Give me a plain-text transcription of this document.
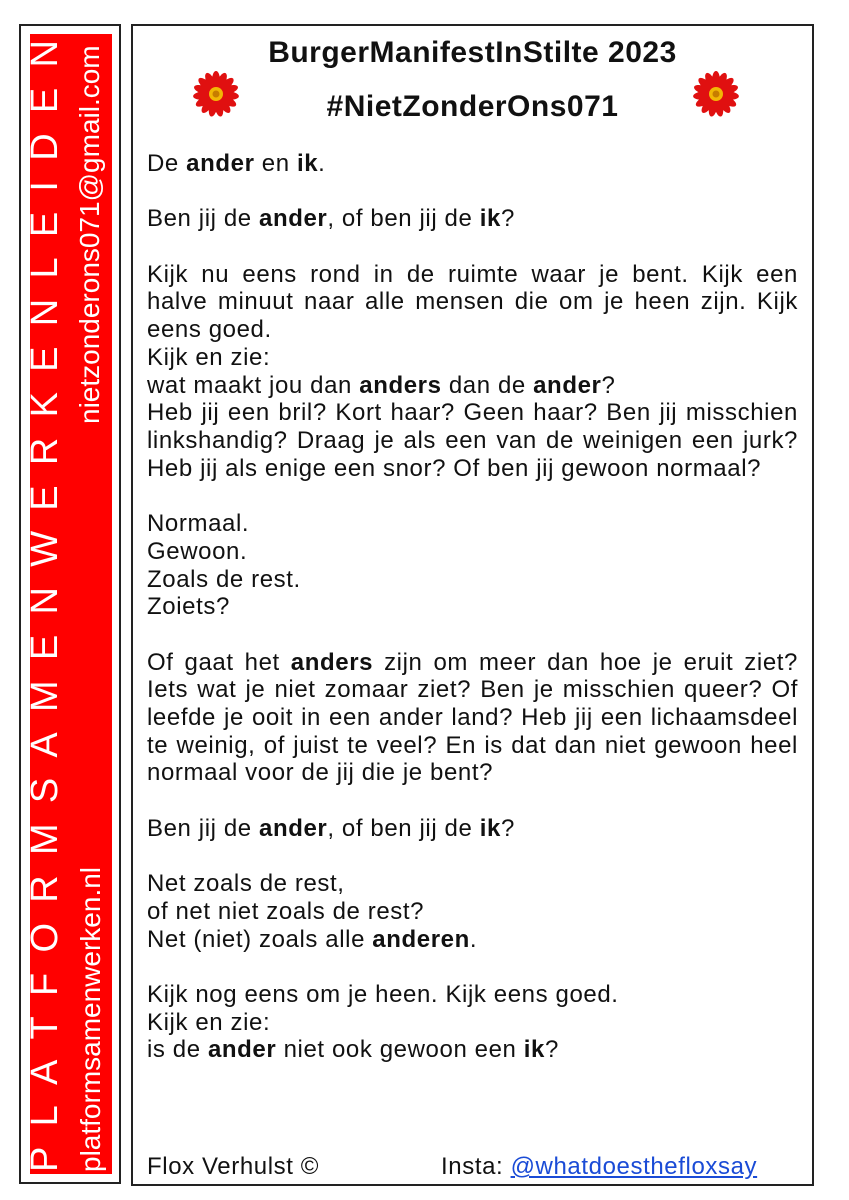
P
L
A
T
F
O
R
M
S
Á
M
E
N
W
E
R
K
E
N
L
E
I
D
E
N
platformsamenwerken.nl
nietzonderons071@gmail.com	BurgerManifestInStilte 2023
#NietZonderOns071

De ander en ik.

Ben jij de ander, of ben jij de ik?

Kijk nu eens rond in de ruimte waar je bent. Kijk een halve minuut naar alle mensen die om je heen zijn. Kijk eens goed.
Kijk en zie:
wat maakt jou dan anders dan de ander?
Heb jij een bril? Kort haar? Geen haar? Ben jij misschien linkshandig? Draag je als een van de weinigen een jurk? Heb jij als enige een snor? Of ben jij gewoon normaal?

Normaal.
Gewoon.
Zoals de rest.
Zoiets?

Of gaat het anders zijn om meer dan hoe je eruit ziet? Iets wat je niet zomaar ziet? Ben je misschien queer? Of leefde je ooit in een ander land? Heb jij een lichaamsdeel te weinig, of juist te veel? En is dat dan niet gewoon heel normaal voor de jij die je bent?

Ben jij de ander, of ben jij de ik?

Net zoals de rest,
of net niet zoals de rest?
Net (niet) zoals alle anderen.

Kijk nog eens om je heen. Kijk eens goed.
Kijk en zie:
is de ander niet ook gewoon een ik?

Flox Verhulst ©	Insta: @whatdoesthefloxsay
